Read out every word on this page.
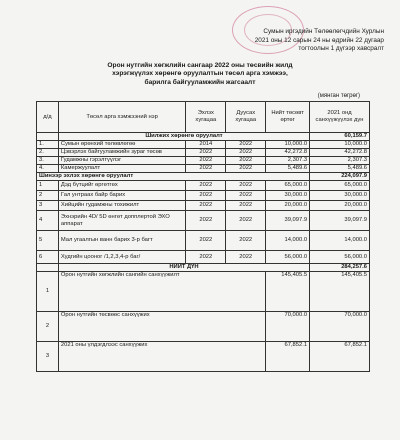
Сумын иргэдийн Төлөөлөгчдийн Хурлын
2021 оны 12 сарын 24 ны өдрийн 22 дугаар
тогтоолын 1 дүгээр хавсралт
Орон нутгийн хөгжлийн сангаар 2022 оны төсвийн жилд
хэрэгжүүлэх хөрөнгө оруулалтын төсөл арга хэмжээ,
барилга байгууламжийн жагсаалт
(мянган төгрөг)
д/д	Төсөл арга хэмжээний нэр	Эхлэх хугацаа	Дуусах хугацаа	Нийт төсөвт өртөг	2021 онд санхүүжүүлэх дүн
	Шилжих хөрөнгө оруулалт				60,159.7
1.	Сумын өрөнхий төлөвлөгөө	2014	2022	10,000.0	10,000.0
2.	Цэвэрлэх байгууламжийн зураг төсөв	2022	2022	42,272.8	42,272.8
3.	Гудамжны гэрэлтүүлэг	2022	2022	2,307.3	2,307.3
4.	Камержуулалт	2022	2022	5,489.6	5,489.6
Шинээр эхлэх хөрөнгө оруулалт					224,097.9
1	Дэд бүтцийг өргөтгөх	2022	2022	65,000.0	65,000.0
2	Гал унтраах байр барих	2022	2022	30,000.0	30,000.0
3	Хийцийн гудамжны тохижилт	2022	2022	20,000.0	20,000.0
4	Эхнэрийн 4D/ 5D өнгөт допплертой ЭХО аппарат	2022	2022	39,097.9	39,097.9
5	Мал угаалгын ванн барих 3-р багт	2022	2022	14,000.0	14,000.0
6	Худгийн цооног /1,2,3,4-р баг/	2022	2022	56,000.0	56,000.0
	НИЙТ ДҮН				284,257.6
1	Орон нутгийн хөгжлийн сангийн санхүүжилт			145,405.5	145,405.5
2	Орон нутгийн төсвөөс санхүүжих			70,000.0	70,000.0
3	2021 оны үлдэгдлээс санхүүжих			67,852.1	67,852.1
